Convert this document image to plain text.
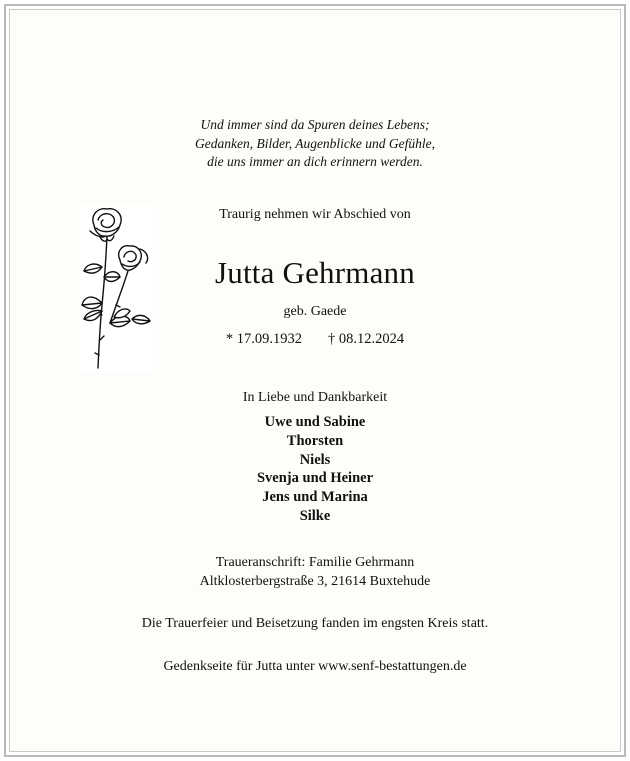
Und immer sind da Spuren deines Lebens;
Gedanken, Bilder, Augenblicke und Gefühle,
die uns immer an dich erinnern werden.
Traurig nehmen wir Abschied von
Jutta Gehrmann
geb. Gaede
* 17.09.1932 † 08.12.2024
In Liebe und Dankbarkeit
Uwe und Sabine
Thorsten
Niels
Svenja und Heiner
Jens und Marina
Silke
Traueranschrift: Familie Gehrmann
Altklosterbergstraße 3, 21614 Buxtehude
Die Trauerfeier und Beisetzung fanden im engsten Kreis statt.
Gedenkseite für Jutta unter www.senf-bestattungen.de
